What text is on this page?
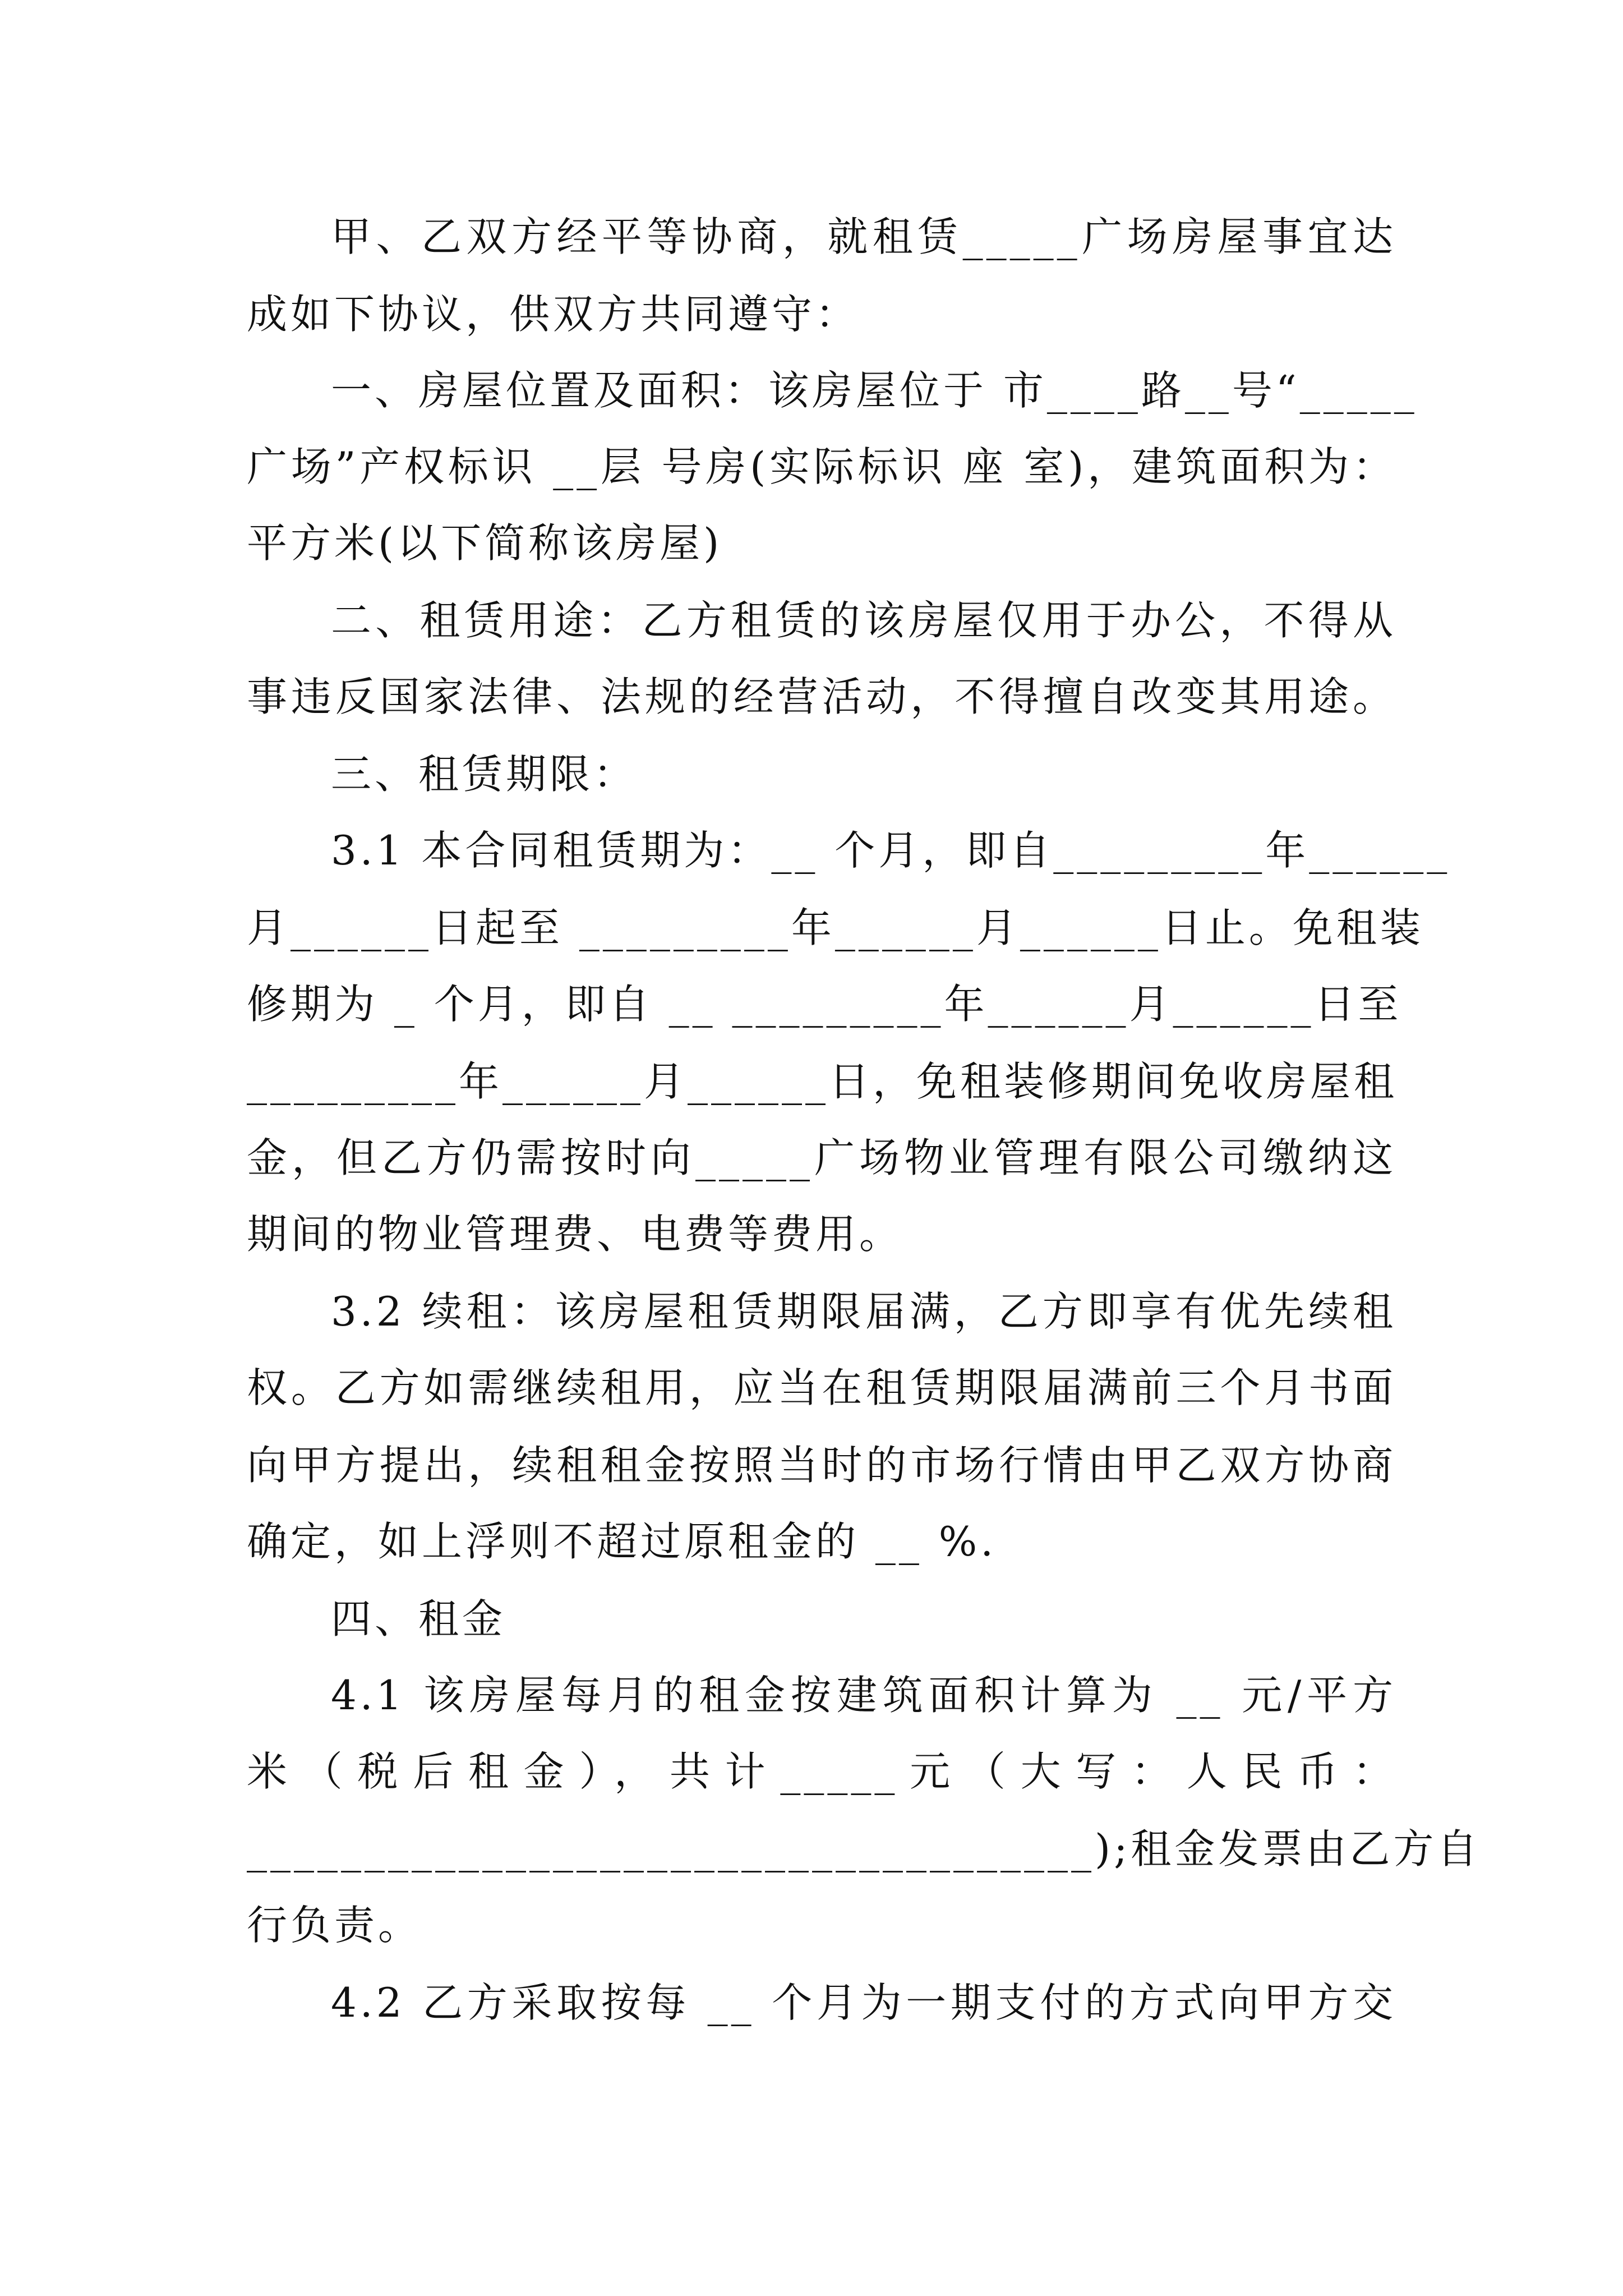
甲、乙双方经平等协商，就租赁_____广场房屋事宜达
成如下协议，供双方共同遵守：
一、房屋位置及面积：该房屋位于 市____路__号“_____
广场”产权标识 __层 号房(实际标识 座 室)，建筑面积为：
平方米(以下简称该房屋)
二、租赁用途：乙方租赁的该房屋仅用于办公，不得从
事违反国家法律、法规的经营活动，不得擅自改变其用途。
三、租赁期限：
3.1 本合同租赁期为：__ 个月，即自_________年______
月______日起至 _________年______月______日止。免租装
修期为 _ 个月，即自 __ _________年______月______日至
_________年______月______日，免租装修期间免收房屋租
金，但乙方仍需按时向_____广场物业管理有限公司缴纳这
期间的物业管理费、电费等费用。
3.2 续租：该房屋租赁期限届满，乙方即享有优先续租
权。乙方如需继续租用，应当在租赁期限届满前三个月书面
向甲方提出，续租租金按照当时的市场行情由甲乙双方协商
确定，如上浮则不超过原租金的 __ %.
四、租金
4.1 该房屋每月的租金按建筑面积计算为 __ 元/平方
米（税后租金），共计_____元（大写：人民币：
____________________________________);租金发票由乙方自
行负责。
4.2 乙方采取按每 __ 个月为一期支付的方式向甲方交
